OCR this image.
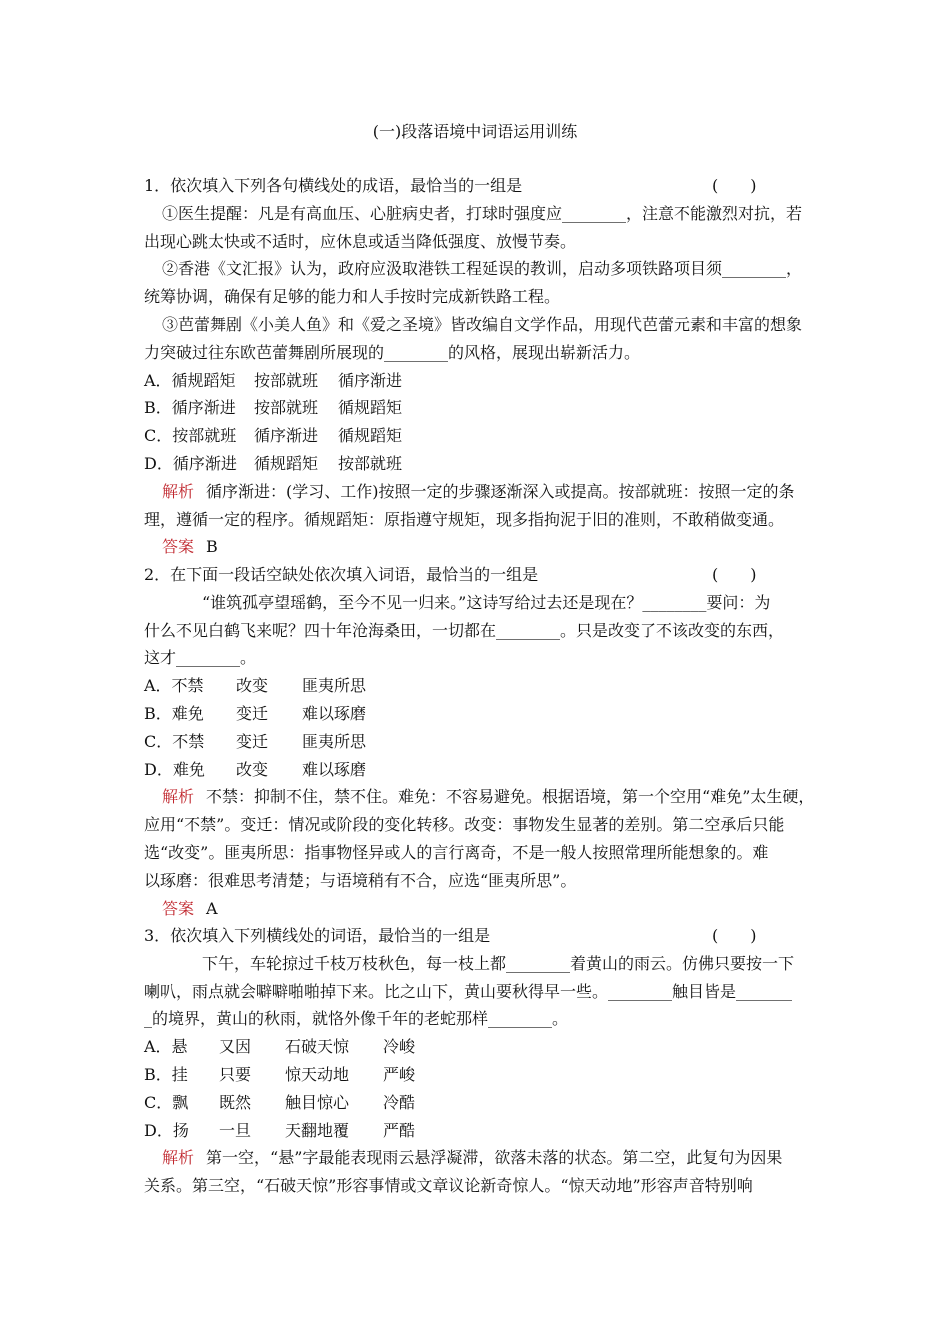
(一)段落语境中词语运用训练
1．依次填入下列各句横线处的成语，最恰当的一组是	(　　)
①医生提醒：凡是有高血压、心脏病史者，打球时强度应________，注意不能激烈对抗，若
出现心跳太快或不适时，应休息或适当降低强度、放慢节奏。
②香港《文汇报》认为，政府应汲取港铁工程延误的教训，启动多项铁路项目须________，
统筹协调，确保有足够的能力和人手按时完成新铁路工程。
③芭蕾舞剧《小美人鱼》和《爱之圣境》皆改编自文学作品，用现代芭蕾元素和丰富的想象
力突破过往东欧芭蕾舞剧所展现的________的风格，展现出崭新活力。
A．循规蹈矩 按部就班 循序渐进
B．循序渐进 按部就班 循规蹈矩
C．按部就班 循序渐进 循规蹈矩
D．循序渐进 循规蹈矩 按部就班
解析 循序渐进：(学习、工作)按照一定的步骤逐渐深入或提高。按部就班：按照一定的条
理，遵循一定的程序。循规蹈矩：原指遵守规矩，现多指拘泥于旧的准则，不敢稍做变通。
答案 B
2．在下面一段话空缺处依次填入词语，最恰当的一组是	(　　)
“谁筑孤亭望瑶鹤，至今不见一归来。”这诗写给过去还是现在？________要问：为
什么不见白鹤飞来呢？四十年沧海桑田，一切都在________。只是改变了不该改变的东西，
这才________。
A．不禁 改变 匪夷所思
B．难免 变迁 难以琢磨
C．不禁 变迁 匪夷所思
D．难免 改变 难以琢磨
解析 不禁：抑制不住，禁不住。难免：不容易避免。根据语境，第一个空用“难免”太生硬，
应用“不禁”。变迁：情况或阶段的变化转移。改变：事物发生显著的差别。第二空承后只能
选“改变”。匪夷所思：指事物怪异或人的言行离奇，不是一般人按照常理所能想象的。难
以琢磨：很难思考清楚；与语境稍有不合，应选“匪夷所思”。
答案 A
3．依次填入下列横线处的词语，最恰当的一组是	(　　)
下午，车轮掠过千枝万枝秋色，每一枝上都________着黄山的雨云。仿佛只要按一下
喇叭，雨点就会噼噼啪啪掉下来。比之山下，黄山要秋得早一些。________触目皆是_______
_的境界，黄山的秋雨，就恪外像千年的老蛇那样________。
A．悬 又因 石破天惊 冷峻
B．挂 只要 惊天动地 严峻
C．飘 既然 触目惊心 冷酷
D．扬 一旦 天翻地覆 严酷
解析 第一空，“悬”字最能表现雨云悬浮凝滞，欲落未落的状态。第二空，此复句为因果
关系。第三空，“石破天惊”形容事情或文章议论新奇惊人。“惊天动地”形容声音特别响
